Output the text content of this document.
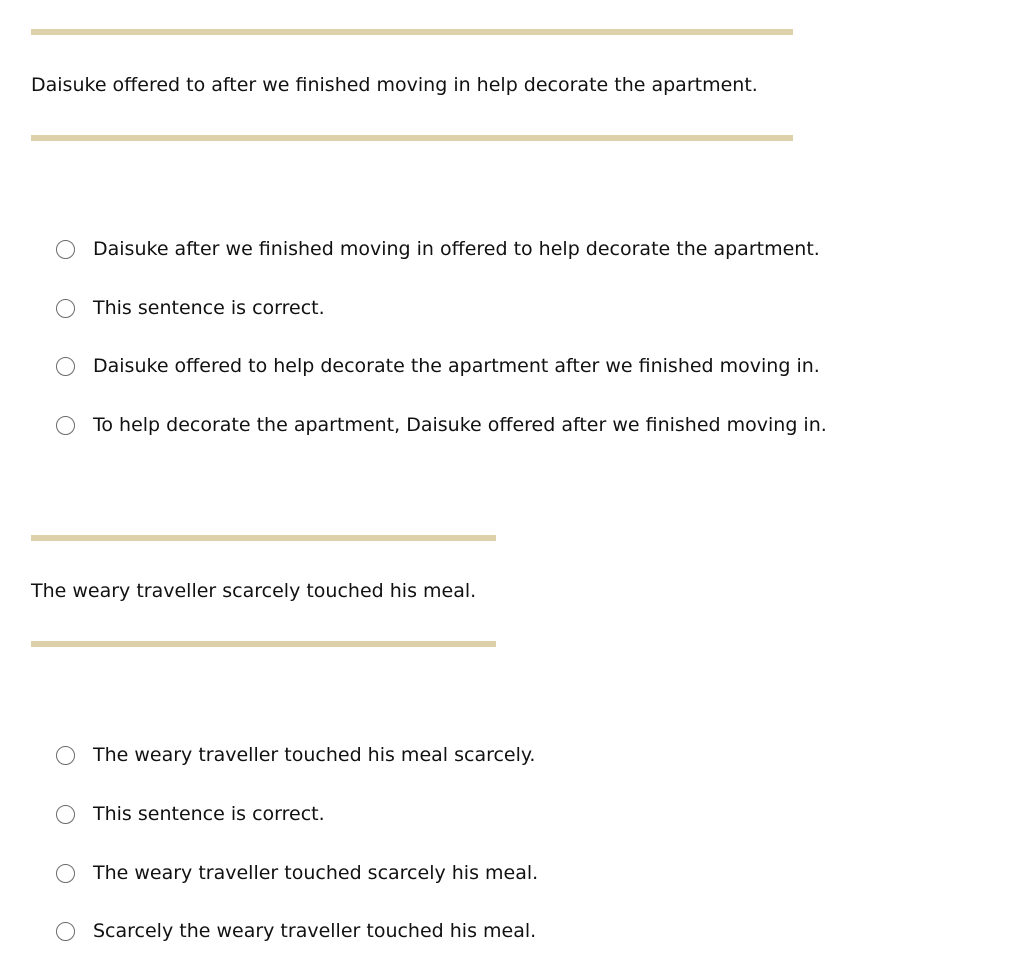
Daisuke offered to after we finished moving in help decorate the apartment.
Daisuke after we finished moving in offered to help decorate the apartment.
This sentence is correct.
Daisuke offered to help decorate the apartment after we finished moving in.
To help decorate the apartment, Daisuke offered after we finished moving in.
The weary traveller scarcely touched his meal.
The weary traveller touched his meal scarcely.
This sentence is correct.
The weary traveller touched scarcely his meal.
Scarcely the weary traveller touched his meal.
